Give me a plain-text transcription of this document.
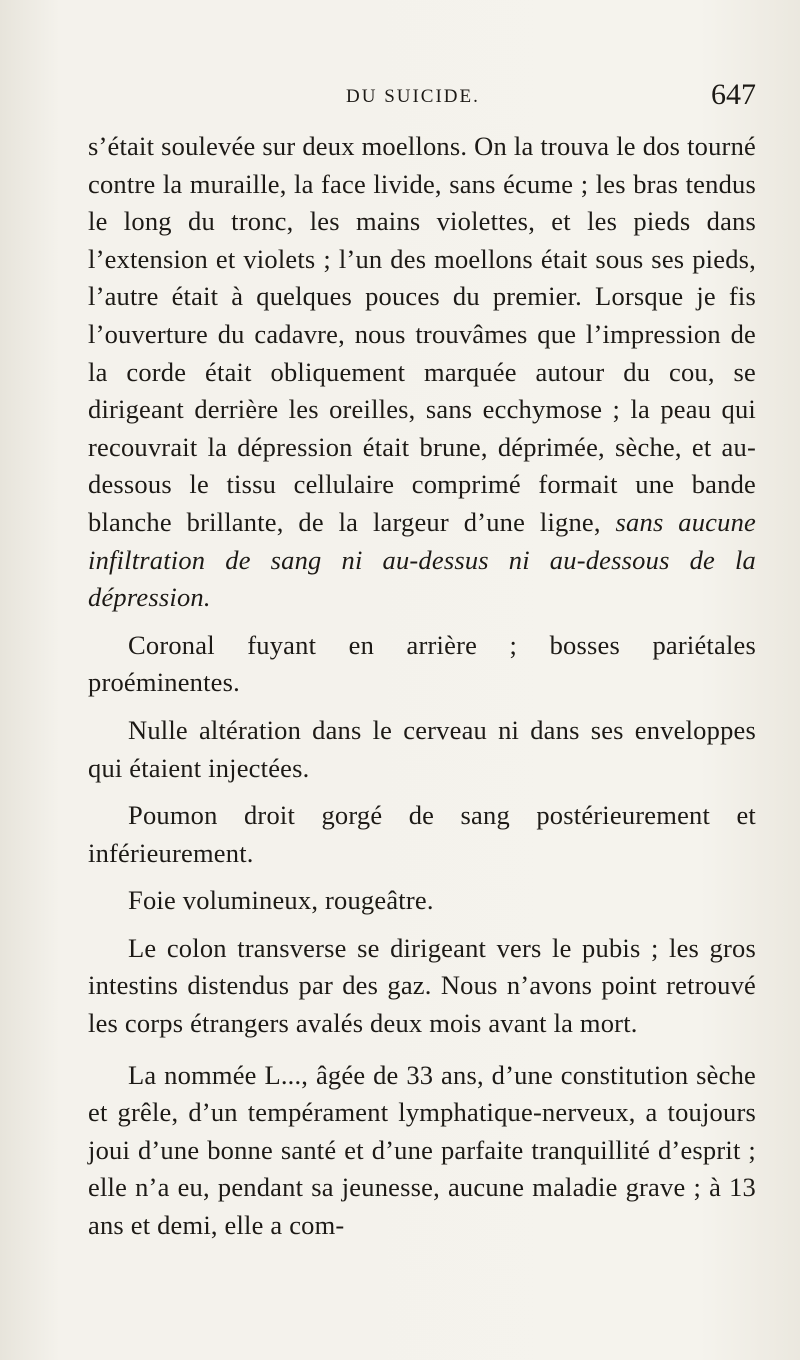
DU SUICIDE.	647

s’était soulevée sur deux moellons. On la trouva le dos tourné contre la muraille, la face livide, sans écume ; les bras tendus le long du tronc, les mains violettes, et les pieds dans l’extension et violets ; l’un des moellons était sous ses pieds, l’autre était à quelques pouces du premier. Lorsque je fis l’ouverture du cadavre, nous trouvâmes que l’impression de la corde était obliquement marquée autour du cou, se dirigeant derrière les oreilles, sans ecchymose ; la peau qui recouvrait la dépression était brune, déprimée, sèche, et au-dessous le tissu cellulaire comprimé formait une bande blanche brillante, de la largeur d’une ligne, sans aucune infiltration de sang ni au-dessus ni au-dessous de la dépression.

Coronal fuyant en arrière ; bosses pariétales proéminentes.

Nulle altération dans le cerveau ni dans ses enveloppes qui étaient injectées.

Poumon droit gorgé de sang postérieurement et inférieurement.

Foie volumineux, rougeâtre.

Le colon transverse se dirigeant vers le pubis ; les gros intestins distendus par des gaz. Nous n’avons point retrouvé les corps étrangers avalés deux mois avant la mort.

La nommée L..., âgée de 33 ans, d’une constitution sèche et grêle, d’un tempérament lymphatique-nerveux, a toujours joui d’une bonne santé et d’une parfaite tranquillité d’esprit ; elle n’a eu, pendant sa jeunesse, aucune maladie grave ; à 13 ans et demi, elle a com-
